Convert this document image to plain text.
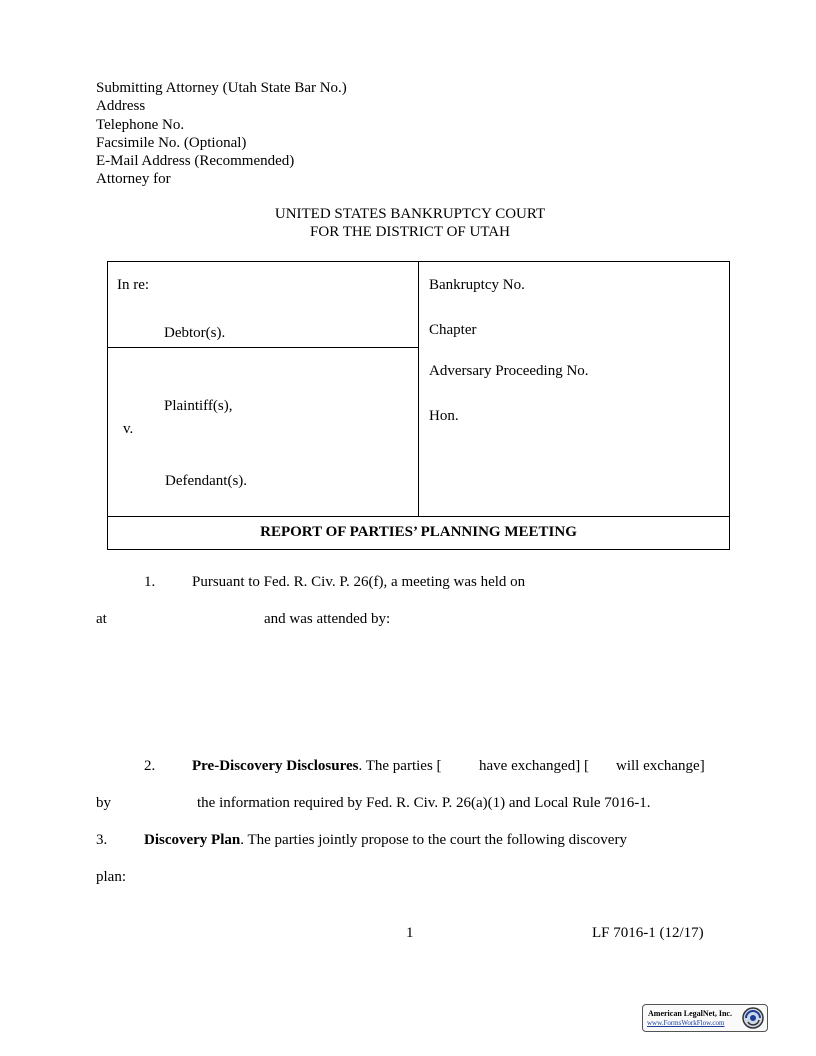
Submitting Attorney (Utah State Bar No.)
Address
Telephone No.
Facsimile No. (Optional)
E-Mail Address (Recommended)
Attorney for
UNITED STATES BANKRUPTCY COURT
FOR THE DISTRICT OF UTAH
In re:
Debtor(s).
Plaintiff(s),
v.
Defendant(s).
Bankruptcy No.
Chapter
Adversary Proceeding No.
Hon.
REPORT OF PARTIES’ PLANNING MEETING
1. Pursuant to Fed. R. Civ. P. 26(f), a meeting was held on
at	and was attended by:
2. Pre-Discovery Disclosures. The parties [ have exchanged] [ will exchange]
by	the information required by Fed. R. Civ. P. 26(a)(1) and Local Rule 7016-1.
3. Discovery Plan. The parties jointly propose to the court the following discovery
plan:
1	LF 7016-1 (12/17)
American LegalNet, Inc.
www.FormsWorkFlow.com
